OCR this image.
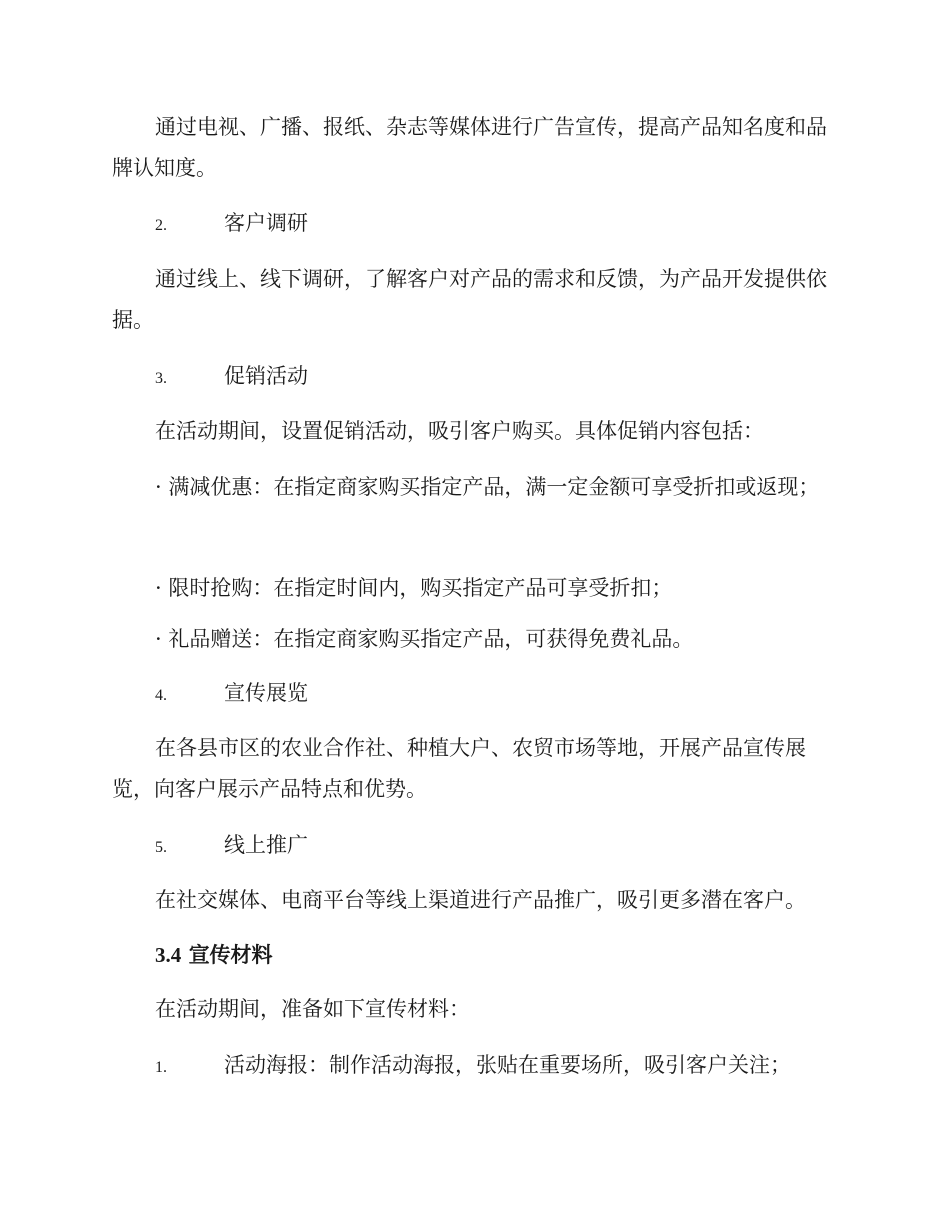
通过电视、广播、报纸、杂志等媒体进行广告宣传，提高产品知名度和品牌认知度。

2.	客户调研

通过线上、线下调研，了解客户对产品的需求和反馈，为产品开发提供依据。

3.	促销活动

在活动期间，设置促销活动，吸引客户购买。具体促销内容包括：

· 满减优惠：在指定商家购买指定产品，满一定金额可享受折扣或返现；

· 限时抢购：在指定时间内，购买指定产品可享受折扣；

· 礼品赠送：在指定商家购买指定产品，可获得免费礼品。

4.	宣传展览

在各县市区的农业合作社、种植大户、农贸市场等地，开展产品宣传展览，向客户展示产品特点和优势。

5.	线上推广

在社交媒体、电商平台等线上渠道进行产品推广，吸引更多潜在客户。

3.4 宣传材料

在活动期间，准备如下宣传材料：

1.	活动海报：制作活动海报，张贴在重要场所，吸引客户关注；
